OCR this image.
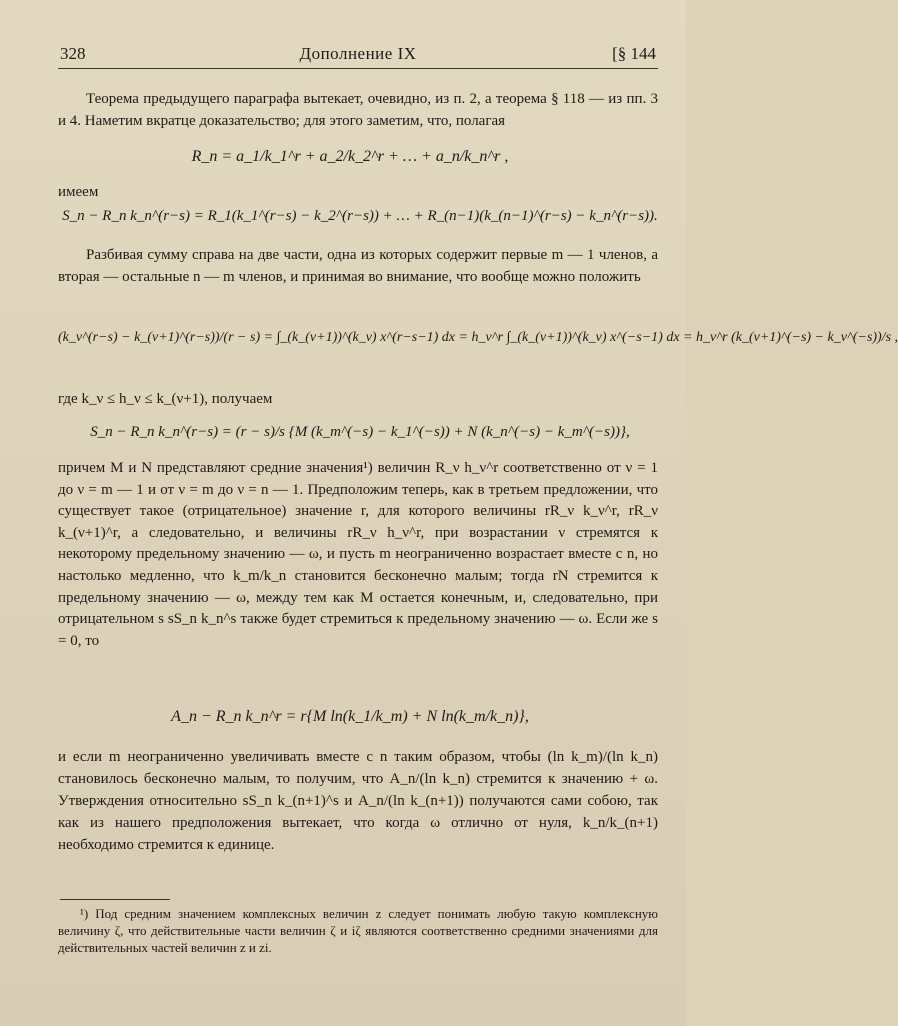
328	Дополнение IX	[§ 144
Теорема предыдущего параграфа вытекает, очевидно, из п. 2, а теорема § 118 — из пп. 3 и 4. Наметим вкратце доказательство; для этого заметим, что, полагая
R_n = a_1/k_1^r + a_2/k_2^r + … + a_n/k_n^r ,
имеем
S_n − R_n k_n^(r−s) = R_1(k_1^(r−s) − k_2^(r−s)) + … + R_(n−1)(k_(n−1)^(r−s) − k_n^(r−s)).
Разбивая сумму справа на две части, одна из которых содержит первые m — 1 членов, а вторая — остальные n — m членов, и принимая во внимание, что вообще можно положить
(k_ν^(r−s) − k_(ν+1)^(r−s))/(r − s) = ∫_(k_(ν+1))^(k_ν) x^(r−s−1) dx = h_ν^r ∫_(k_(ν+1))^(k_ν) x^(−s−1) dx = h_ν^r (k_(ν+1)^(−s) − k_ν^(−s))/s ,
где k_ν ≤ h_ν ≤ k_(ν+1), получаем
S_n − R_n k_n^(r−s) = (r − s)/s {M (k_m^(−s) − k_1^(−s)) + N (k_n^(−s) − k_m^(−s))},
причем M и N представляют средние значения¹) величин R_ν h_ν^r соответственно от ν = 1 до ν = m — 1 и от ν = m до ν = n — 1. Предположим теперь, как в третьем предложении, что существует такое (отрицательное) значение r, для которого величины rR_ν k_ν^r, rR_ν k_(ν+1)^r, а следовательно, и величины rR_ν h_ν^r, при возрастании ν стремятся к некоторому предельному значению — ω, и пусть m неограниченно возрастает вместе с n, но настолько медленно, что k_m/k_n становится бесконечно малым; тогда rN стремится к предельному значению — ω, между тем как M остается конечным, и, следовательно, при отрицательном s sS_n k_n^s также будет стремиться к предельному значению — ω. Если же s = 0, то
A_n − R_n k_n^r = r{M ln(k_1/k_m) + N ln(k_m/k_n)},
и если m неограниченно увеличивать вместе с n таким образом, чтобы (ln k_m)/(ln k_n) становилось бесконечно малым, то получим, что A_n/(ln k_n) стремится к значению + ω. Утверждения относительно sS_n k_(n+1)^s и A_n/(ln k_(n+1)) получаются сами собою, так как из нашего предположения вытекает, что когда ω отлично от нуля, k_n/k_(n+1) необходимо стремится к единице.
¹) Под средним значением комплексных величин z следует понимать любую такую комплексную величину ζ, что действительные части величин ζ и iζ являются соответственно средними значениями для действительных частей величин z и zi.
